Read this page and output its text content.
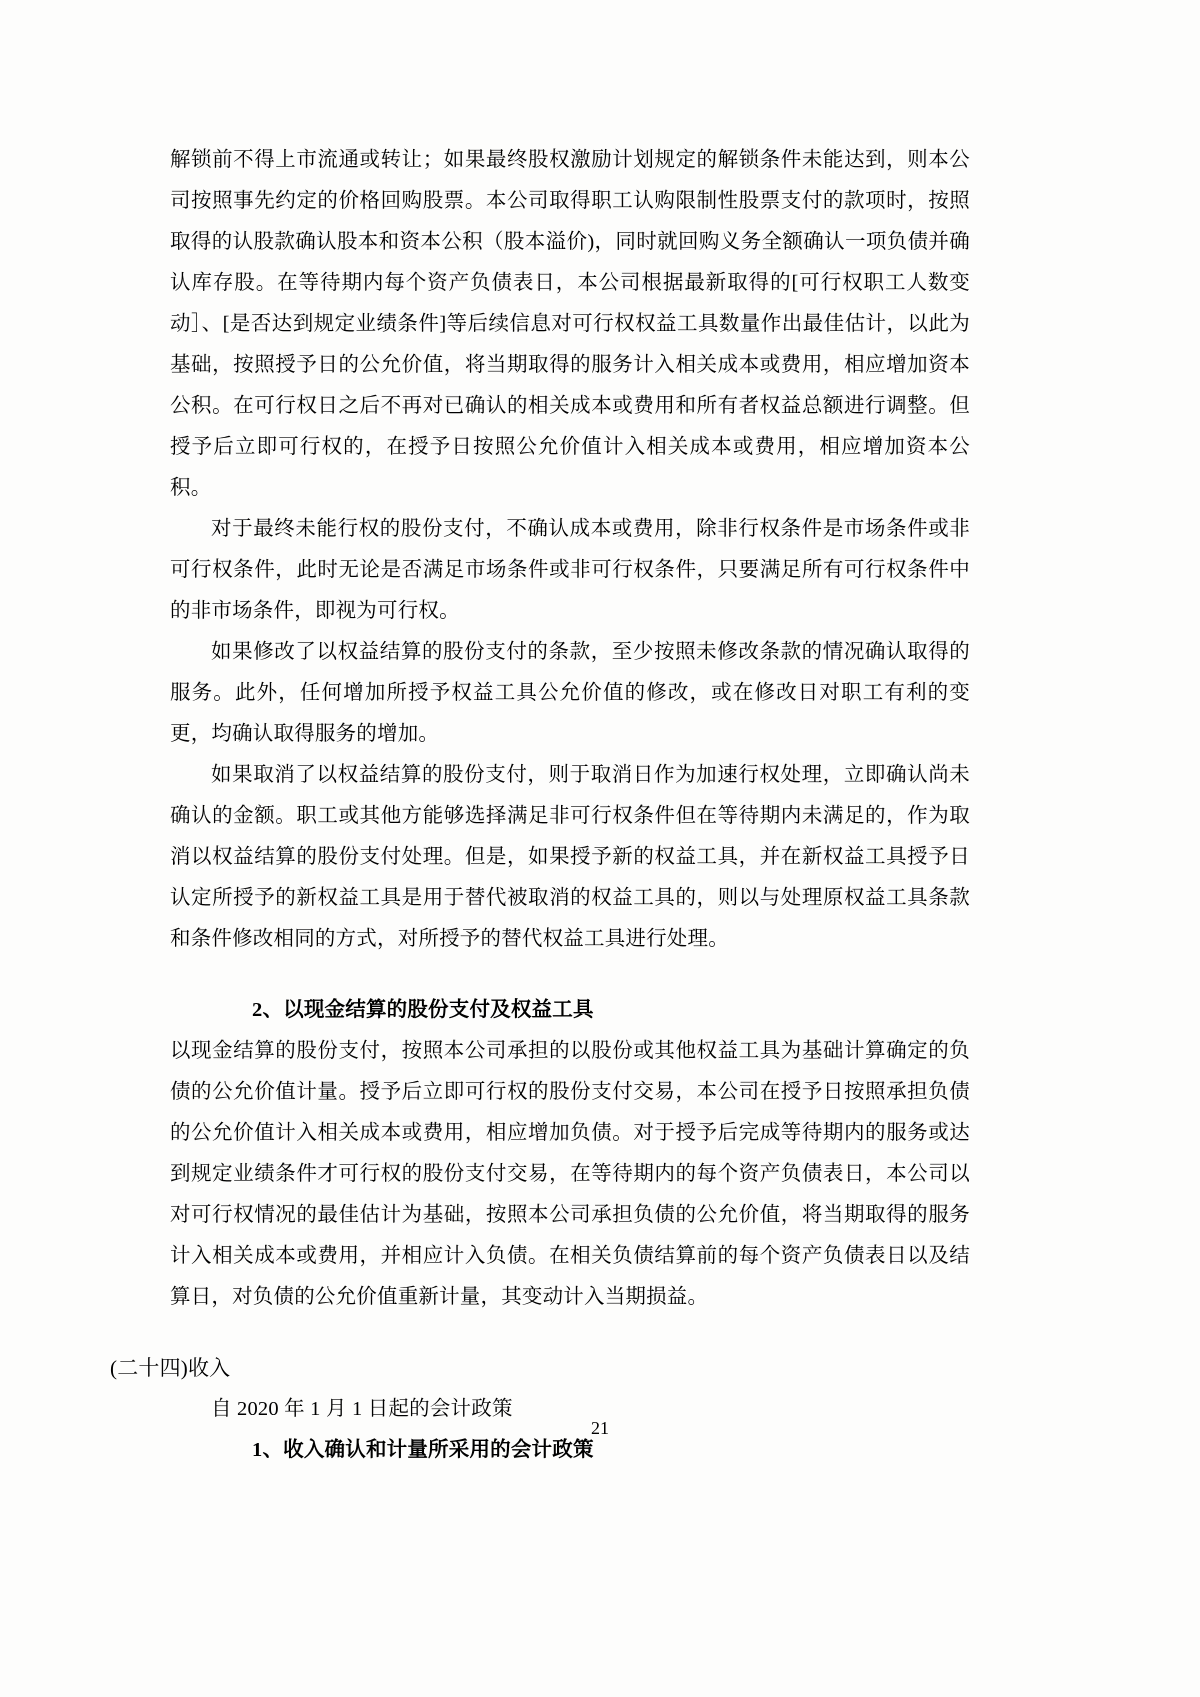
解锁前不得上市流通或转让；如果最终股权激励计划规定的解锁条件未能达到，则本公司按照事先约定的价格回购股票。本公司取得职工认购限制性股票支付的款项时，按照取得的认股款确认股本和资本公积（股本溢价)，同时就回购义务全额确认一项负债并确认库存股。在等待期内每个资产负债表日，本公司根据最新取得的[可行权职工人数变动］、[是否达到规定业绩条件]等后续信息对可行权权益工具数量作出最佳估计，以此为基础，按照授予日的公允价值，将当期取得的服务计入相关成本或费用，相应增加资本公积。在可行权日之后不再对已确认的相关成本或费用和所有者权益总额进行调整。但授予后立即可行权的，在授予日按照公允价值计入相关成本或费用，相应增加资本公积。

对于最终未能行权的股份支付，不确认成本或费用，除非行权条件是市场条件或非可行权条件，此时无论是否满足市场条件或非可行权条件，只要满足所有可行权条件中的非市场条件，即视为可行权。

如果修改了以权益结算的股份支付的条款，至少按照未修改条款的情况确认取得的服务。此外，任何增加所授予权益工具公允价值的修改，或在修改日对职工有利的变更，均确认取得服务的增加。

如果取消了以权益结算的股份支付，则于取消日作为加速行权处理，立即确认尚未确认的金额。职工或其他方能够选择满足非可行权条件但在等待期内未满足的，作为取消以权益结算的股份支付处理。但是，如果授予新的权益工具，并在新权益工具授予日认定所授予的新权益工具是用于替代被取消的权益工具的，则以与处理原权益工具条款和条件修改相同的方式，对所授予的替代权益工具进行处理。

2、以现金结算的股份支付及权益工具

以现金结算的股份支付，按照本公司承担的以股份或其他权益工具为基础计算确定的负债的公允价值计量。授予后立即可行权的股份支付交易，本公司在授予日按照承担负债的公允价值计入相关成本或费用，相应增加负债。对于授予后完成等待期内的服务或达到规定业绩条件才可行权的股份支付交易，在等待期内的每个资产负债表日，本公司以对可行权情况的最佳估计为基础，按照本公司承担负债的公允价值，将当期取得的服务计入相关成本或费用，并相应计入负债。在相关负债结算前的每个资产负债表日以及结算日，对负债的公允价值重新计量，其变动计入当期损益。

(二十四)收入

自 2020 年 1 月 1 日起的会计政策

1、收入确认和计量所采用的会计政策
21
